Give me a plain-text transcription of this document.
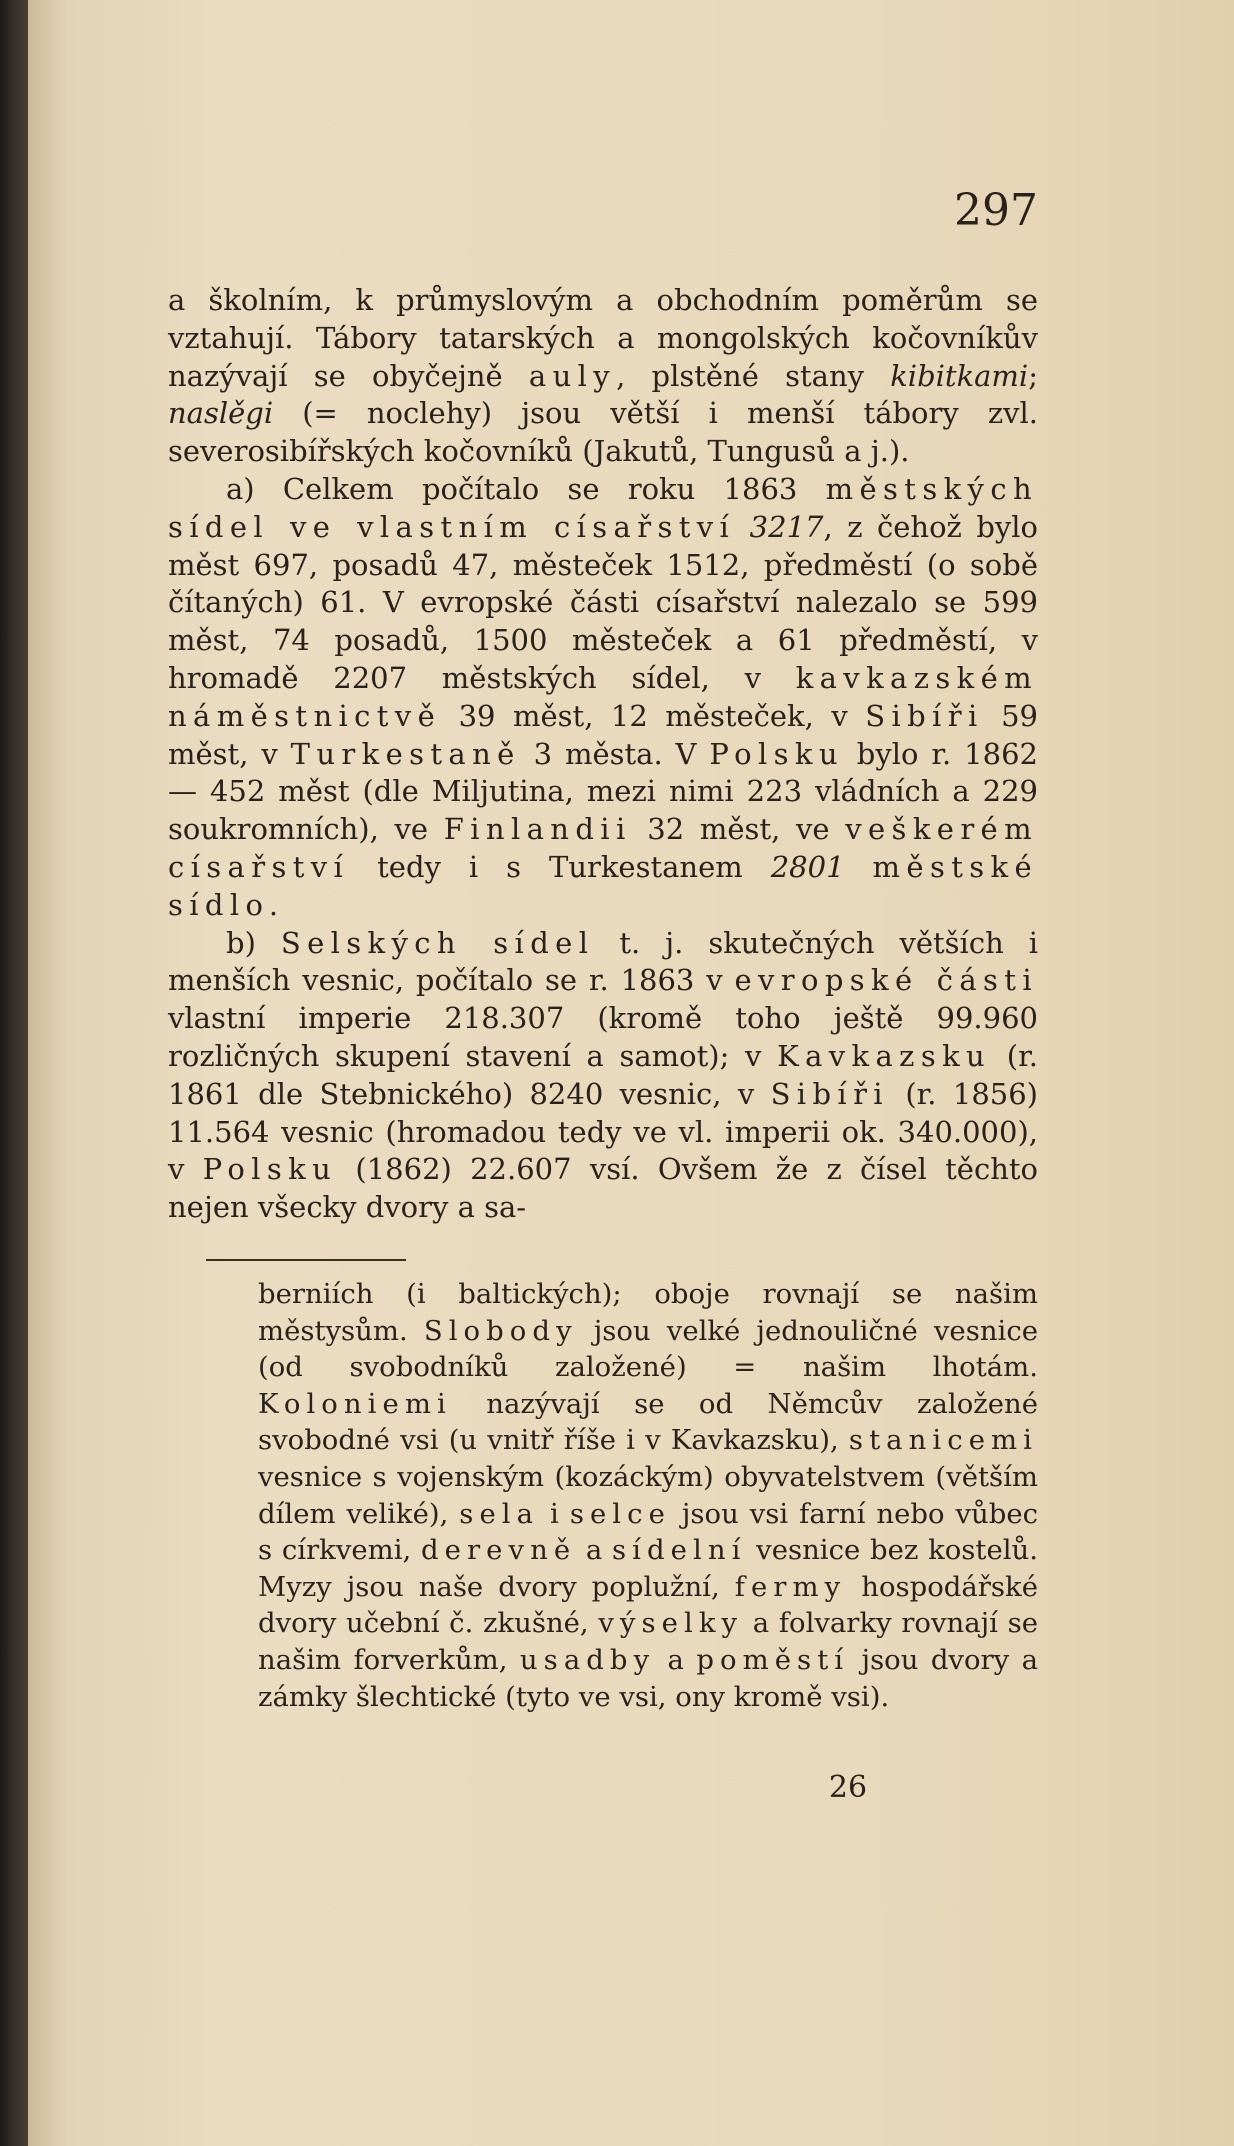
297

a školním, k průmyslovým a obchodním poměrům se vztahují. Tábory tatarských a mongolských kočovníkův nazývají se obyčejně auly, plstěné stany kibitkami; naslěgi (= noclehy) jsou větší i menší tábory zvl. severosibířských kočovníků (Jakutů, Tungusů a j.).

a) Celkem počítalo se roku 1863 městských sídel ve vlastním císařství 3217, z čehož bylo měst 697, posadů 47, městeček 1512, předměstí (o sobě čítaných) 61. V evropské části císařství nalezalo se 599 měst, 74 posadů, 1500 městeček a 61 předměstí, v hromadě 2207 městských sídel, v kavkazském náměstnictvě 39 měst, 12 městeček, v Sibíři 59 měst, v Turkestaně 3 města. V Polsku bylo r. 1862 — 452 měst (dle Miljutina, mezi nimi 223 vládních a 229 soukromních), ve Finlandii 32 měst, ve veškerém císařství tedy i s Turkestanem 2801 městské sídlo.

b) Selských sídel t. j. skutečných větších i menších vesnic, počítalo se r. 1863 v evropské části vlastní imperie 218.307 (kromě toho ještě 99.960 rozličných skupení stavení a samot); v Kavkazsku (r. 1861 dle Stebnického) 8240 vesnic, v Sibíři (r. 1856) 11.564 vesnic (hromadou tedy ve vl. imperii ok. 340.000), v Polsku (1862) 22.607 vsí. Ovšem že z čísel těchto nejen všecky dvory a sa-

berniích (i baltických); oboje rovnají se našim městysům. Slobody jsou velké jednouličné vesnice (od svobodníků založené) = našim lhotám. Koloniemi nazývají se od Němcův založené svobodné vsi (u vnitř říše i v Kavkazsku), stanicemi vesnice s vojenským (kozáckým) obyvatelstvem (větším dílem veliké), sela i selce jsou vsi farní nebo vůbec s církvemi, derevně a sídelní vesnice bez kostelů. Myzy jsou naše dvory poplužní, fermy hospodářské dvory učební č. zkušné, výselky a folvarky rovnají se našim forverkům, usadby a poměstí jsou dvory a zámky šlechtické (tyto ve vsi, ony kromě vsi).

26
